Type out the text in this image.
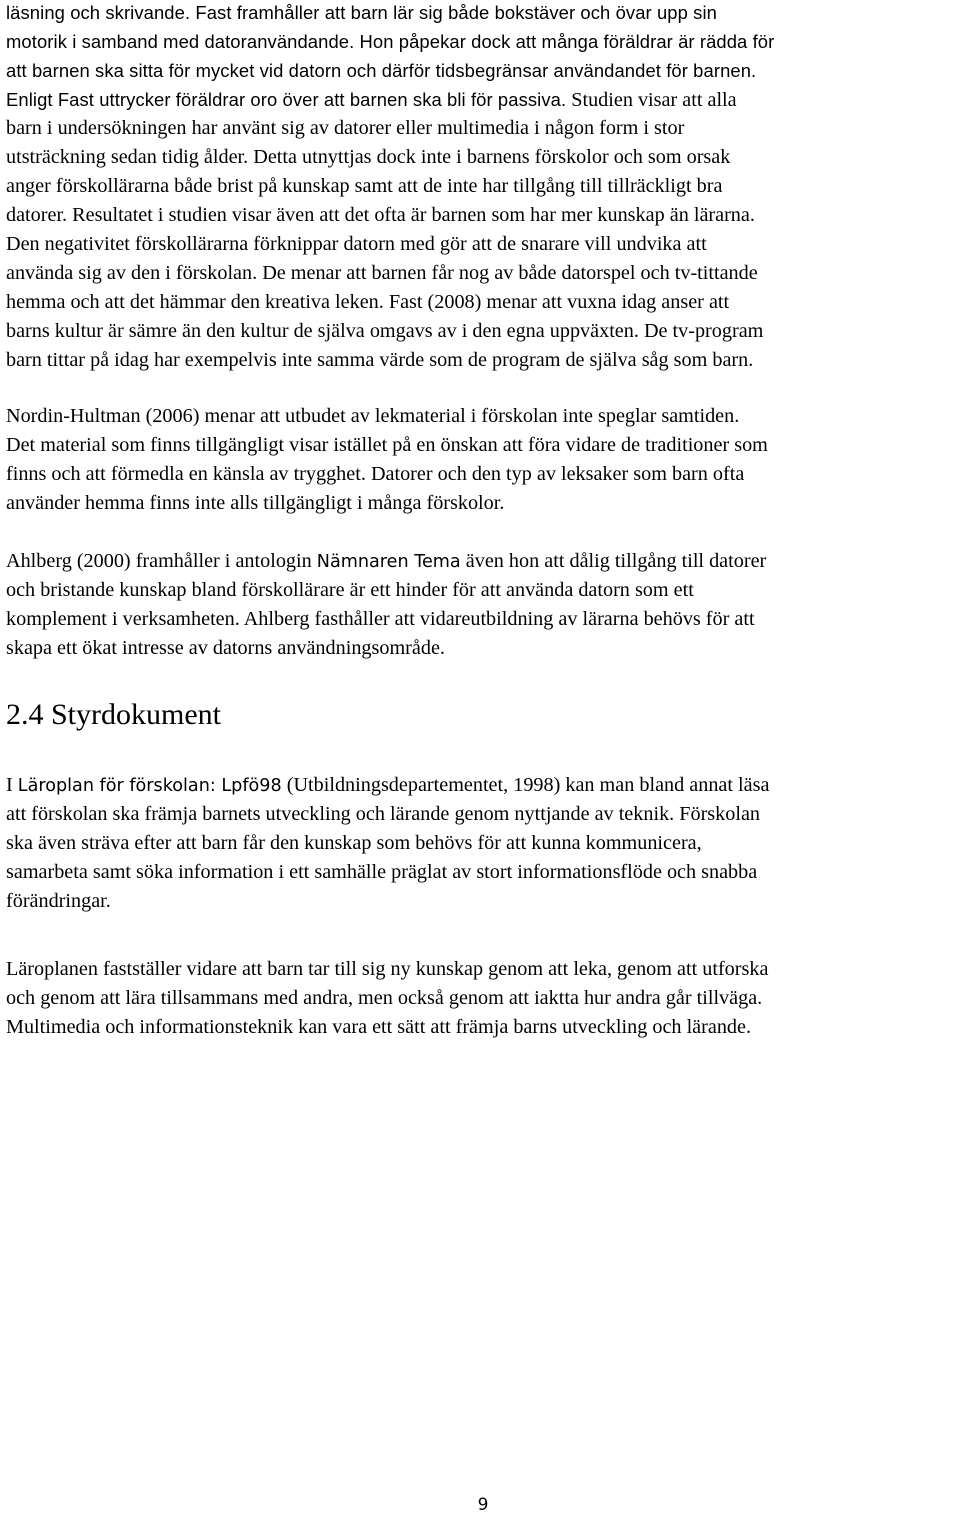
läsning och skrivande. Fast framhåller att barn lär sig både bokstäver och övar upp sin
motorik i samband med datoranvändande. Hon påpekar dock att många föräldrar är rädda för
att barnen ska sitta för mycket vid datorn och därför tidsbegränsar användandet för barnen.
Enligt Fast uttrycker föräldrar oro över att barnen ska bli för passiva. Studien visar att alla
barn i undersökningen har använt sig av datorer eller multimedia i någon form i stor
utsträckning sedan tidig ålder. Detta utnyttjas dock inte i barnens förskolor och som orsak
anger förskollärarna både brist på kunskap samt att de inte har tillgång till tillräckligt bra
datorer. Resultatet i studien visar även att det ofta är barnen som har mer kunskap än lärarna.
Den negativitet förskollärarna förknippar datorn med gör att de snarare vill undvika att
använda sig av den i förskolan. De menar att barnen får nog av både datorspel och tv-tittande
hemma och att det hämmar den kreativa leken. Fast (2008) menar att vuxna idag anser att
barns kultur är sämre än den kultur de själva omgavs av i den egna uppväxten. De tv-program
barn tittar på idag har exempelvis inte samma värde som de program de själva såg som barn.
Nordin-Hultman (2006) menar att utbudet av lekmaterial i förskolan inte speglar samtiden.
Det material som finns tillgängligt visar istället på en önskan att föra vidare de traditioner som
finns och att förmedla en känsla av trygghet. Datorer och den typ av leksaker som barn ofta
använder hemma finns inte alls tillgängligt i många förskolor.
Ahlberg (2000) framhåller i antologin Nämnaren Tema även hon att dålig tillgång till datorer
och bristande kunskap bland förskollärare är ett hinder för att använda datorn som ett
komplement i verksamheten. Ahlberg fasthåller att vidareutbildning av lärarna behövs för att
skapa ett ökat intresse av datorns användningsområde.
2.4 Styrdokument
I Läroplan för förskolan: Lpfö98 (Utbildningsdepartementet, 1998) kan man bland annat läsa
att förskolan ska främja barnets utveckling och lärande genom nyttjande av teknik. Förskolan
ska även sträva efter att barn får den kunskap som behövs för att kunna kommunicera,
samarbeta samt söka information i ett samhälle präglat av stort informationsflöde och snabba
förändringar.
Läroplanen fastställer vidare att barn tar till sig ny kunskap genom att leka, genom att utforska
och genom att lära tillsammans med andra, men också genom att iaktta hur andra går tillväga.
Multimedia och informationsteknik kan vara ett sätt att främja barns utveckling och lärande.
9
